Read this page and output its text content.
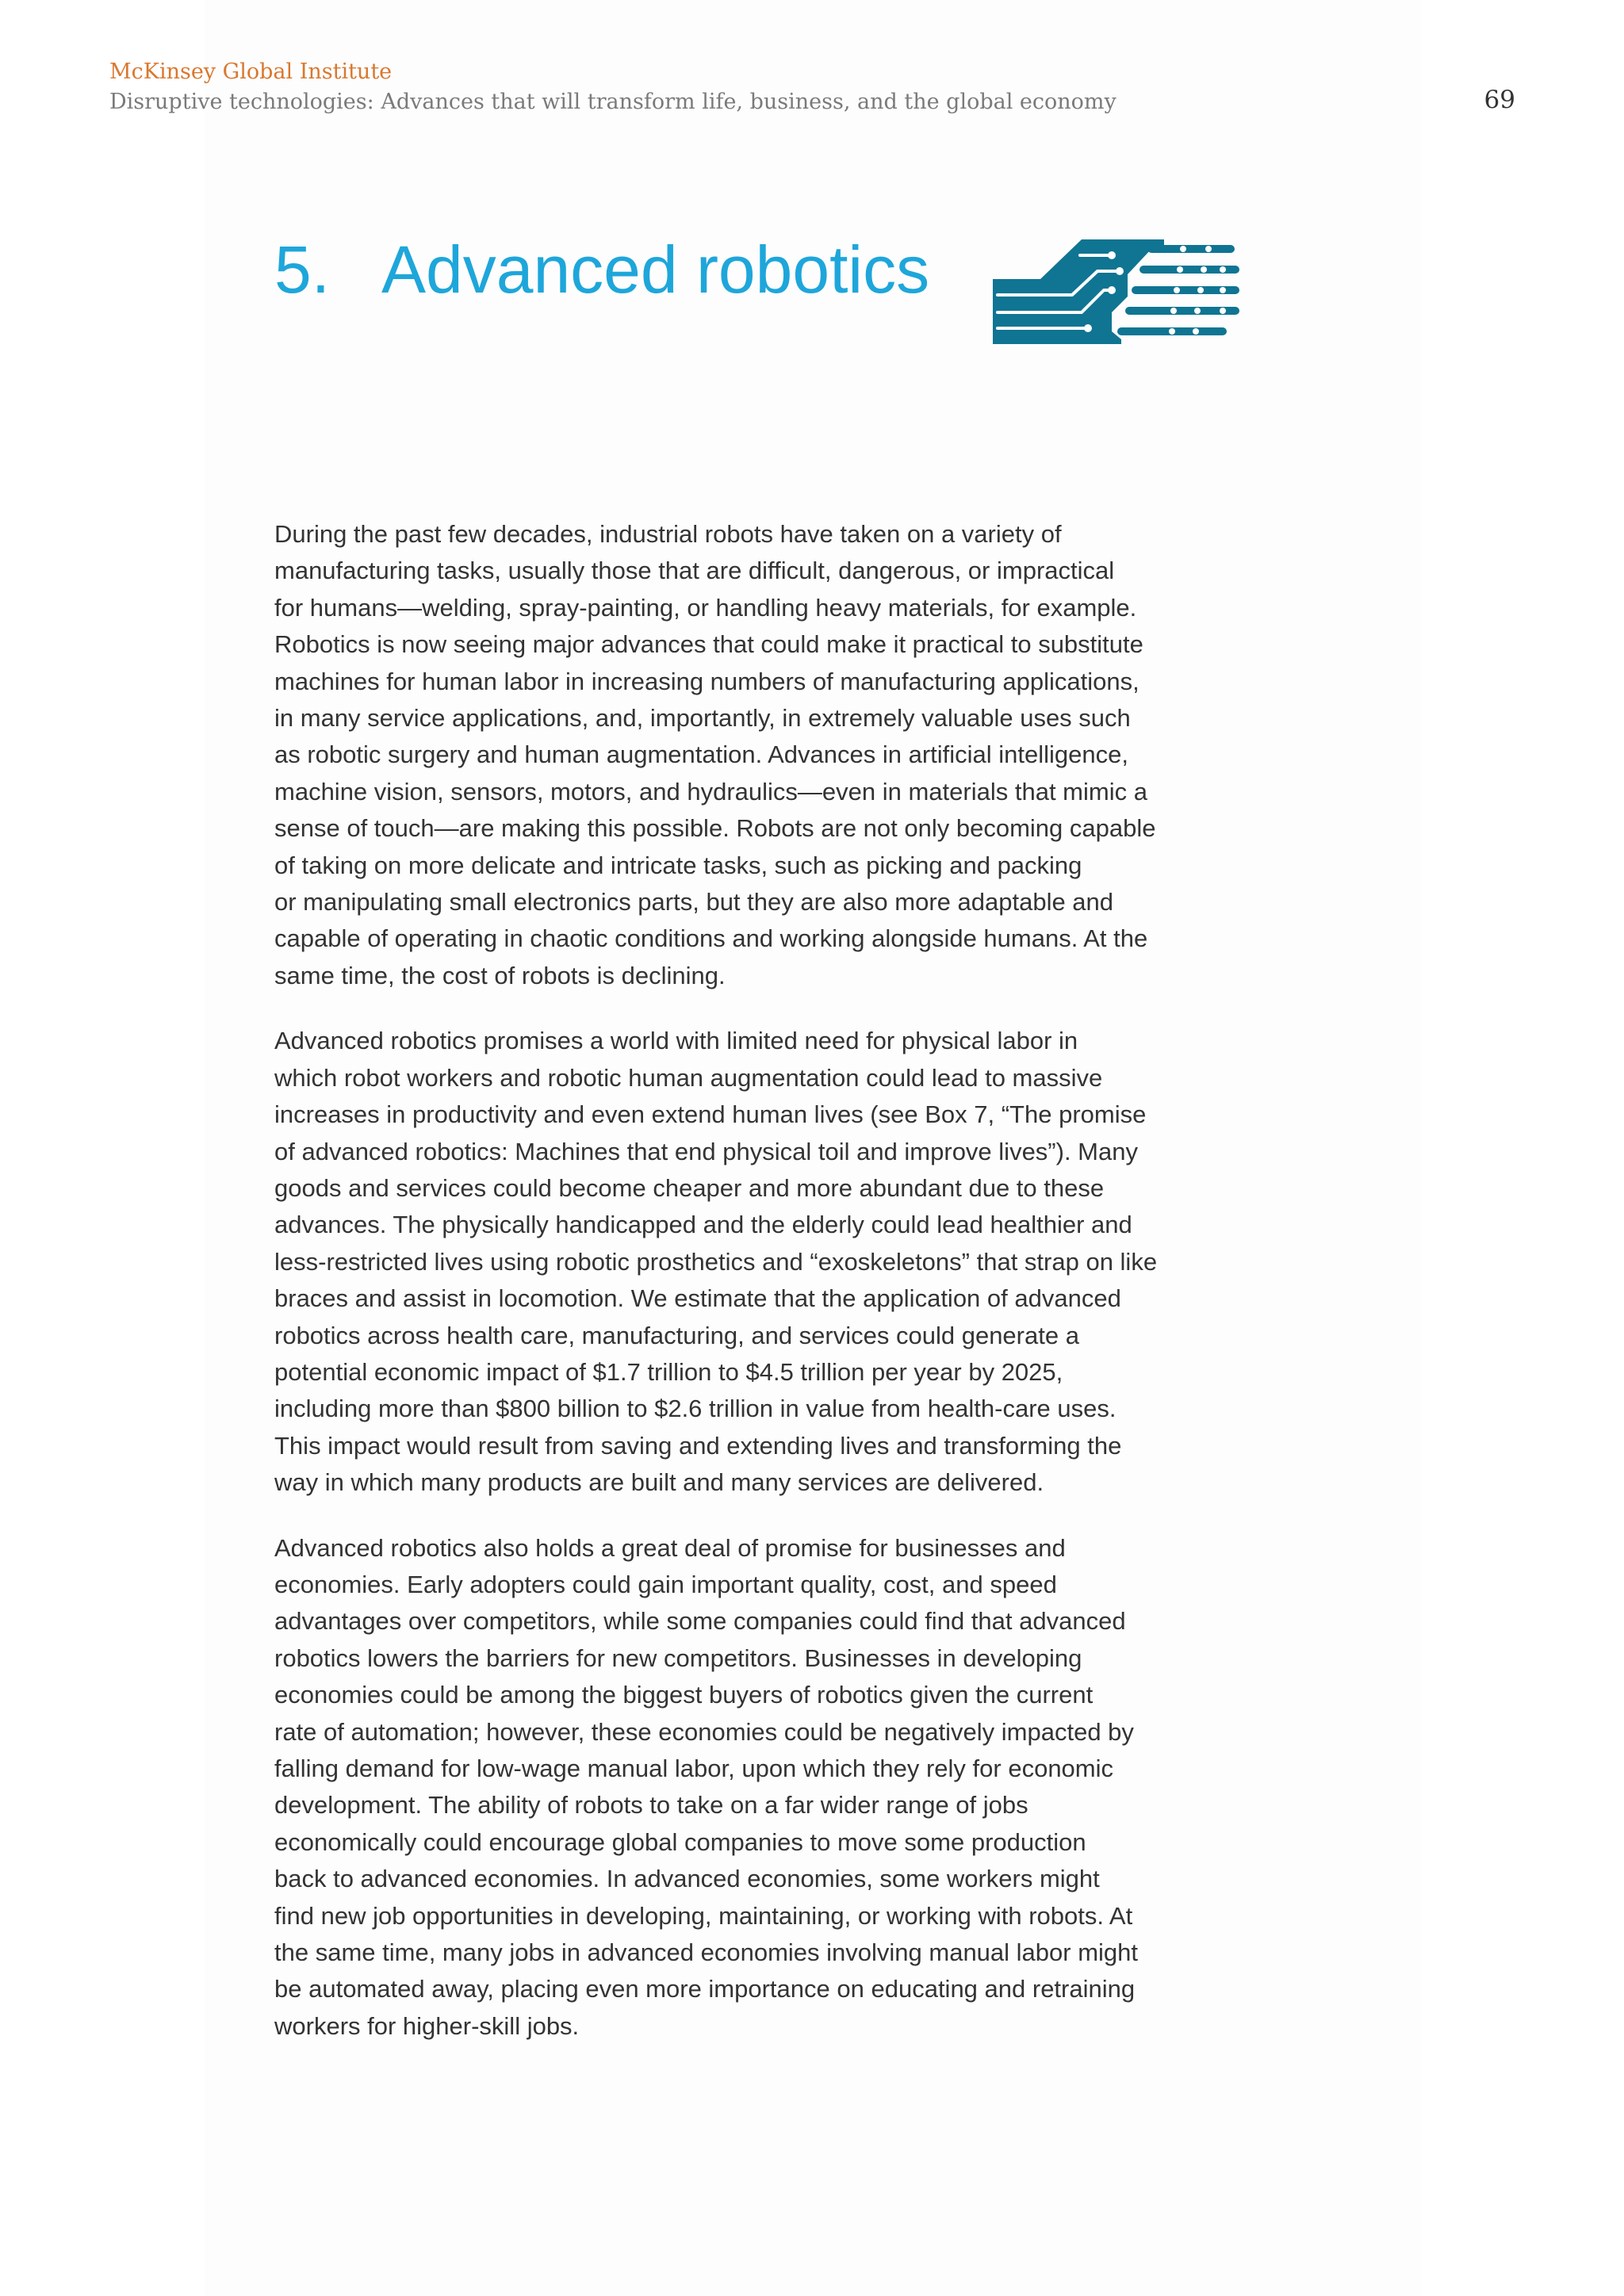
McKinsey Global Institute

Disruptive technologies: Advances that will transform life, business, and the global economy	69
5. Advanced robotics

During the past few decades, industrial robots have taken on a variety of
manufacturing tasks, usually those that are difficult, dangerous, or impractical
for humans—welding, spray-painting, or handling heavy materials, for example.
Robotics is now seeing major advances that could make it practical to substitute
machines for human labor in increasing numbers of manufacturing applications,
in many service applications, and, importantly, in extremely valuable uses such
as robotic surgery and human augmentation. Advances in artificial intelligence,
machine vision, sensors, motors, and hydraulics—even in materials that mimic a
sense of touch—are making this possible. Robots are not only becoming capable
of taking on more delicate and intricate tasks, such as picking and packing
or manipulating small electronics parts, but they are also more adaptable and
capable of operating in chaotic conditions and working alongside humans. At the
same time, the cost of robots is declining.

Advanced robotics promises a world with limited need for physical labor in
which robot workers and robotic human augmentation could lead to massive
increases in productivity and even extend human lives (see Box 7, “The promise
of advanced robotics: Machines that end physical toil and improve lives”). Many
goods and services could become cheaper and more abundant due to these
advances. The physically handicapped and the elderly could lead healthier and
less-restricted lives using robotic prosthetics and “exoskeletons” that strap on like
braces and assist in locomotion. We estimate that the application of advanced
robotics across health care, manufacturing, and services could generate a
potential economic impact of $1.7 trillion to $4.5 trillion per year by 2025,
including more than $800 billion to $2.6 trillion in value from health-care uses.
This impact would result from saving and extending lives and transforming the
way in which many products are built and many services are delivered.

Advanced robotics also holds a great deal of promise for businesses and
economies. Early adopters could gain important quality, cost, and speed
advantages over competitors, while some companies could find that advanced
robotics lowers the barriers for new competitors. Businesses in developing
economies could be among the biggest buyers of robotics given the current
rate of automation; however, these economies could be negatively impacted by
falling demand for low-wage manual labor, upon which they rely for economic
development. The ability of robots to take on a far wider range of jobs
economically could encourage global companies to move some production
back to advanced economies. In advanced economies, some workers might
find new job opportunities in developing, maintaining, or working with robots. At
the same time, many jobs in advanced economies involving manual labor might
be automated away, placing even more importance on educating and retraining
workers for higher-skill jobs.
